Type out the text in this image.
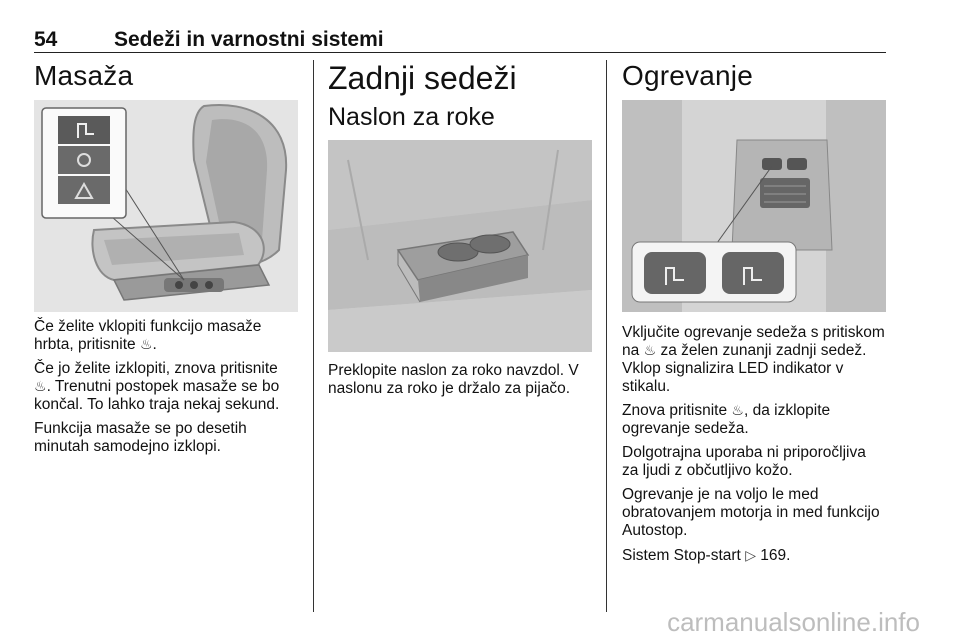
54	Sedeži in varnostni sistemi
Masaža

Če želite vklopiti funkcijo masaže hrbta, pritisnite ♨.

Če jo želite izklopiti, znova pritisnite ♨. Trenutni postopek masaže se bo končal. To lahko traja nekaj sekund.

Funkcija masaže se po desetih minutah samodejno izklopi.

Zadnji sedeži
Naslon za roke

Preklopite naslon za roko navzdol. V naslonu za roko je držalo za pijačo.

Ogrevanje

Vključite ogrevanje sedeža s pritiskom na ♨ za želen zunanji zadnji sedež. Vklop signalizira LED indikator v stikalu.

Znova pritisnite ♨, da izklopite ogrevanje sedeža.

Dolgotrajna uporaba ni priporočljiva za ljudi z občutljivo kožo.

Ogrevanje je na voljo le med obratovanjem motorja in med funkcijo Autostop.

Sistem Stop-start ▷ 169.

carmanualsonline.info
